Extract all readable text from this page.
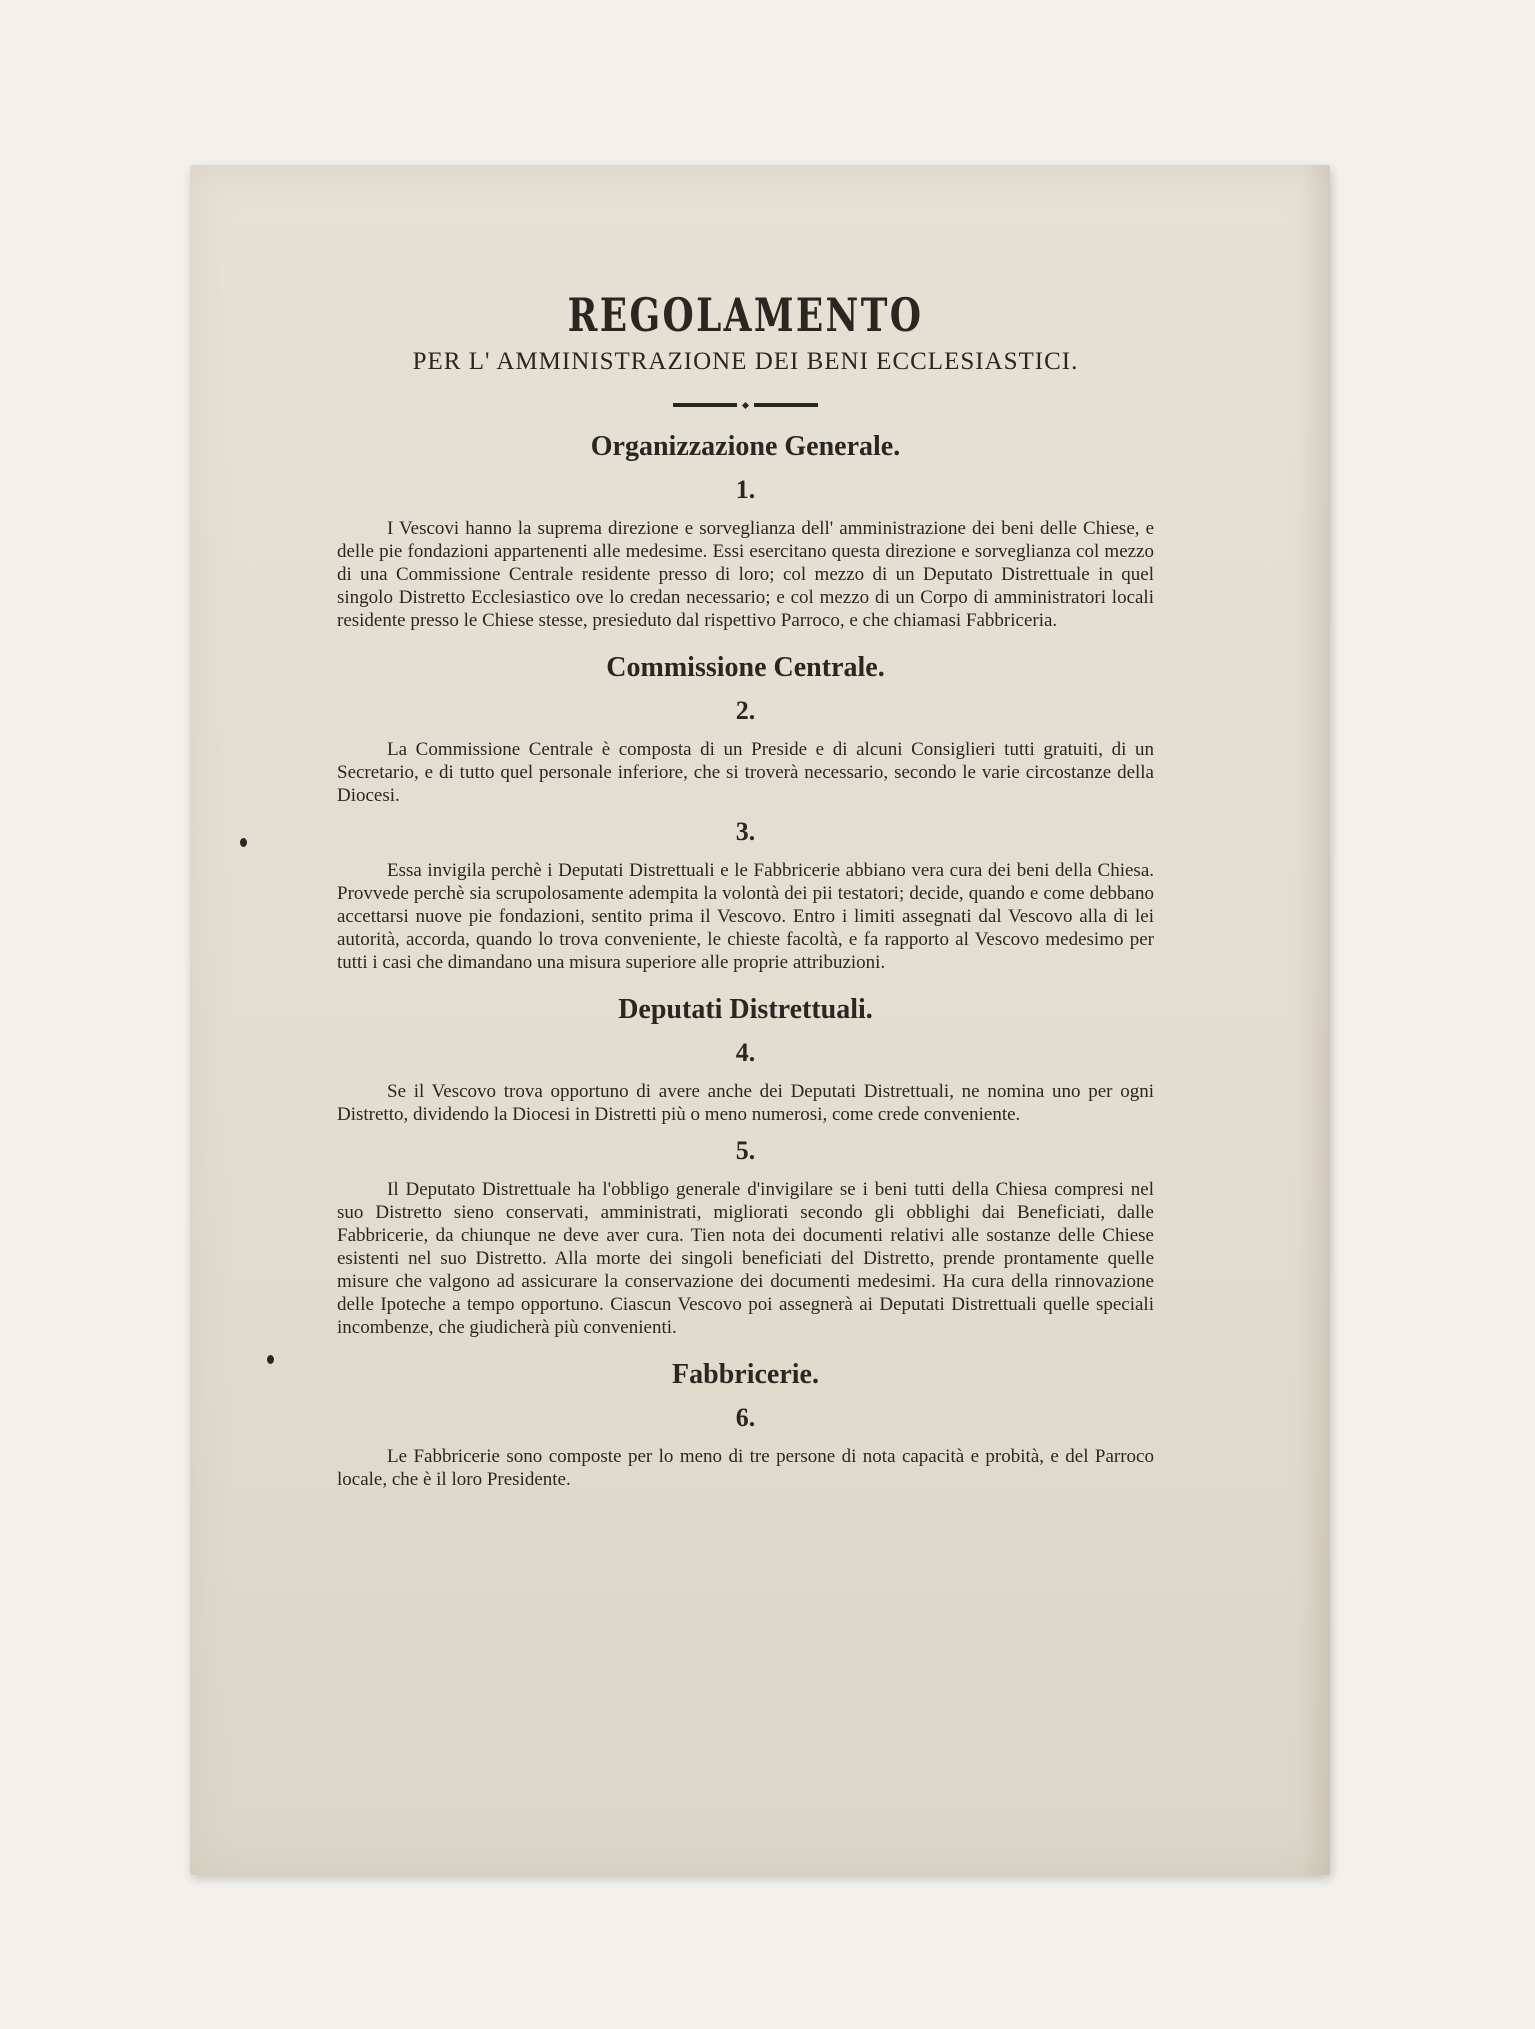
REGOLAMENTO
PER L' AMMINISTRAZIONE DEI BENI ECCLESIASTICI.
Organizzazione Generale.
1.

I Vescovi hanno la suprema direzione e sorveglianza dell' amministrazione dei beni delle Chiese, e delle pie fondazioni appartenenti alle medesime. Essi esercitano questa direzione e sorveglianza col mezzo di una Commissione Centrale residente presso di loro; col mezzo di un Deputato Distrettuale in quel singolo Distretto Ecclesiastico ove lo credan necessario; e col mezzo di un Corpo di amministratori locali residente presso le Chiese stesse, presieduto dal rispettivo Parroco, e che chiamasi Fabbriceria.

Commissione Centrale.
2.

La Commissione Centrale è composta di un Preside e di alcuni Consiglieri tutti gratuiti, di un Secretario, e di tutto quel personale inferiore, che si troverà necessario, secondo le varie circostanze della Diocesi.

3.

Essa invigila perchè i Deputati Distrettuali e le Fabbricerie abbiano vera cura dei beni della Chiesa. Provvede perchè sia scrupolosamente adempita la volontà dei pii testatori; decide, quando e come debbano accettarsi nuove pie fondazioni, sentito prima il Vescovo. Entro i limiti assegnati dal Vescovo alla di lei autorità, accorda, quando lo trova conveniente, le chieste facoltà, e fa rapporto al Vescovo medesimo per tutti i casi che dimandano una misura superiore alle proprie attribuzioni.

Deputati Distrettuali.
4.

Se il Vescovo trova opportuno di avere anche dei Deputati Distrettuali, ne nomina uno per ogni Distretto, dividendo la Diocesi in Distretti più o meno numerosi, come crede conveniente.

5.

Il Deputato Distrettuale ha l'obbligo generale d'invigilare se i beni tutti della Chiesa compresi nel suo Distretto sieno conservati, amministrati, migliorati secondo gli obblighi dai Beneficiati, dalle Fabbricerie, da chiunque ne deve aver cura. Tien nota dei documenti relativi alle sostanze delle Chiese esistenti nel suo Distretto. Alla morte dei singoli beneficiati del Distretto, prende prontamente quelle misure che valgono ad assicurare la conservazione dei documenti medesimi. Ha cura della rinnovazione delle Ipoteche a tempo opportuno. Ciascun Vescovo poi assegnerà ai Deputati Distrettuali quelle speciali incombenze, che giudicherà più convenienti.

Fabbricerie.
6.

Le Fabbricerie sono composte per lo meno di tre persone di nota capacità e probità, e del Parroco locale, che è il loro Presidente.
